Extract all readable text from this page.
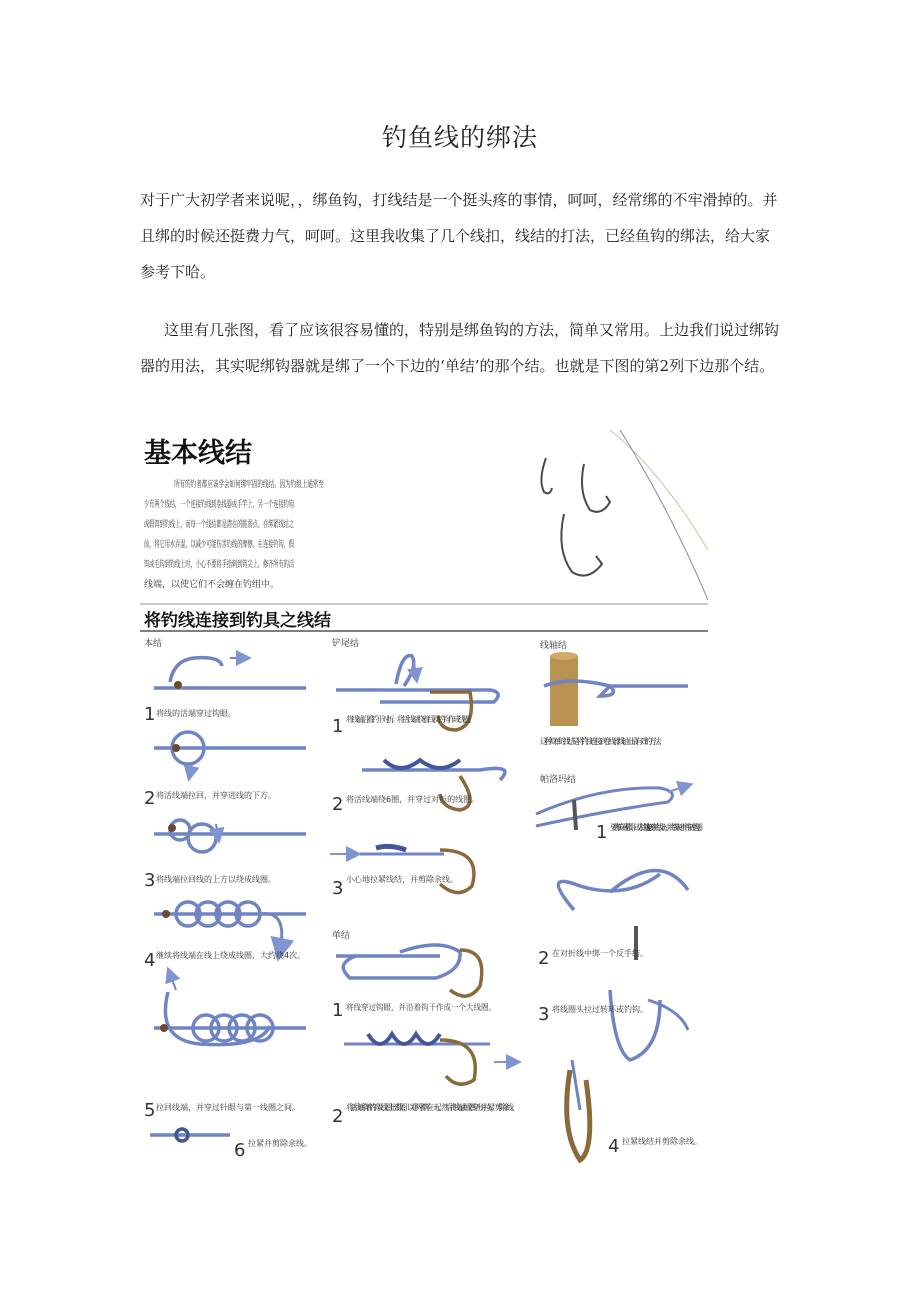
钓鱼线的绑法

对于广大初学者来说呢，，绑鱼钩，打线结是一个挺头疼的事情，呵呵，经常绑的不牢滑掉的。并且绑的时候还挺费力气，呵呵。这里我收集了几个线扣，线结的打法，已经鱼钩的绑法，给大家参考下哈。

这里有几张图，看了应该很容易懂的，特别是绑鱼钩的方法，简单又常用。上边我们说过绑钩器的用法，其实呢绑钩器就是绑了一个下边的‘单结’的那个结。也就是下图的第2列下边那个结。

基本线结
所有的钓者都应该学会如何绑牢固的线结。因为钓组上通常至
少有两个线结，一个连接钓线到卷线器或手竿上，另一个连接钓钩
或假饵到钓线上，而每一个线结都是潜在的脆弱点。在绑紧线结之
前，将它用水弄湿，以减少可能伤害钓线的摩擦。在连接钓钩、假
饵或毛钩到钓线上时，小心不要将手指刺到钩尖上。修齐所有的活
线端，以使它们不会缠在钓组中。
将钓线连接到钓具之线结
本结
1 将线的活端穿过钩眼。
2 将活线端拉回，并穿进线的下方。
3 将线端拉回线的上方以绕成线圈。
4 继续将线端在线上绕成线圈，大约绕4次。
5 拉回线端，并穿过针眼与第一线圈之间。
6 拉紧并剪除余线。
铲尾结
1 将线端沿着钓干对折。将活线端绕着线及钓钩作成线圈。
2 将活线端绕6圈，并穿过对折的线圈。
3 小心地拉紧线结，并剪除余线。
单结
1 将线穿过钩眼，并沿着钩干作成一个大线圈。
2 将活线端绕着钓钩及线圈上部数圈，以将两者绑在一起。然后将线端由线圈穿出并拉紧，剪除余线。
线轴结
这种简单的线结是将钓线连接到卷线器线轴上最有效的方法。
帕洛玛结
1 要将转环或假饵，或大钓钩)连接到钓线上时，将线头对折并穿过钩圈。
2 在对折线中绑一个反手结。
3 将线圈头拉过转环或钓钩。
4 拉紧线结并剪除余线。
